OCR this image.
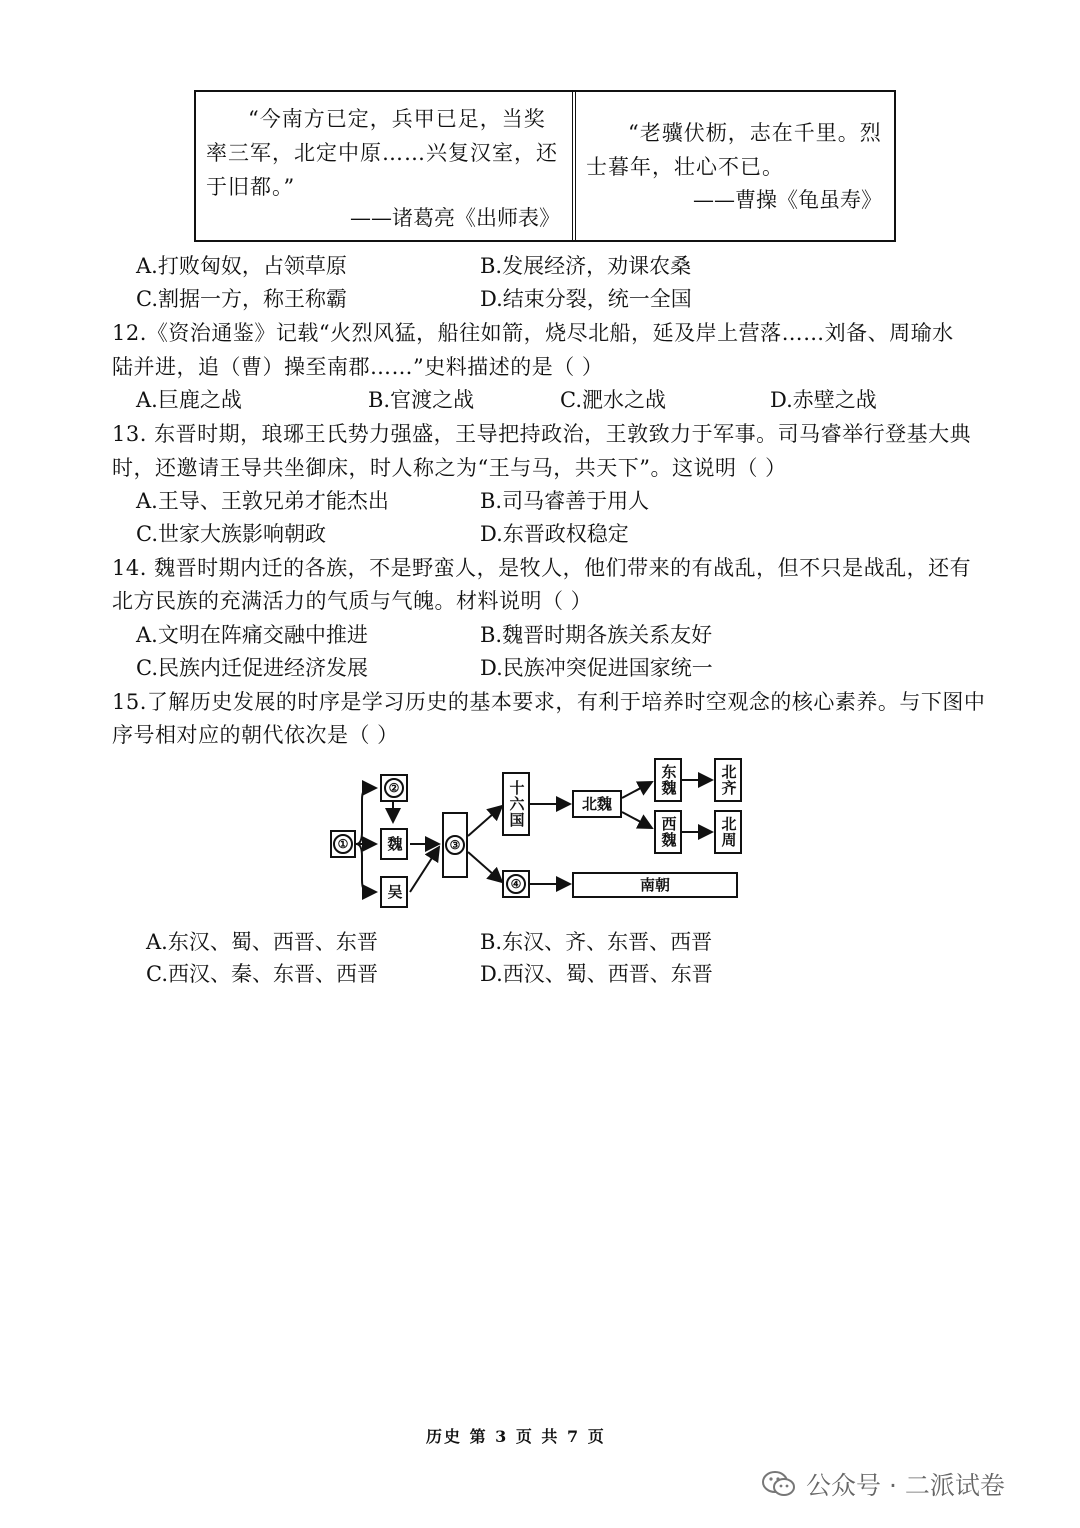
“今南方已定，兵甲已足，当奖率三军，北定中原……兴复汉室，还于旧都。”
——诸葛亮《出师表》
“老骥伏枥，志在千里。烈士暮年，壮心不已。
——曹操《龟虽寿》
A.打败匈奴，占领草原	B.发展经济，劝课农桑
C.割据一方，称王称霸	D.结束分裂，统一全国
12.《资治通鉴》记载“火烈风猛，船往如箭，烧尽北船，延及岸上营落……刘备、周瑜水
陆并进，追（曹）操至南郡……”史料描述的是（ ）
A.巨鹿之战	B.官渡之战	C.淝水之战	D.赤壁之战
13. 东晋时期，琅琊王氏势力强盛，王导把持政治，王敦致力于军事。司马睿举行登基大典
时，还邀请王导共坐御床，时人称之为“王与马，共天下”。这说明（ ）
A.王导、王敦兄弟才能杰出	B.司马睿善于用人
C.世家大族影响朝政	D.东晋政权稳定
14. 魏晋时期内迁的各族，不是野蛮人，是牧人，他们带来的有战乱，但不只是战乱，还有
北方民族的充满活力的气质与气魄。材料说明（ ）
A.文明在阵痛交融中推进	B.魏晋时期各族关系友好
C.民族内迁促进经济发展	D.民族冲突促进国家统一
15.了解历史发展的时序是学习历史的基本要求，有利于培养时空观念的核心素养。与下图中
序号相对应的朝代依次是（ ）
①
②
魏
吴
③
十六国
④
北魏
东魏
西魏
北齐
北周
南朝
A.东汉、蜀、西晋、东晋	B.东汉、齐、东晋、西晋
C.西汉、秦、东晋、西晋	D.西汉、蜀、西晋、东晋
历史 第 3 页 共 7 页
公众号 · 二派试卷
